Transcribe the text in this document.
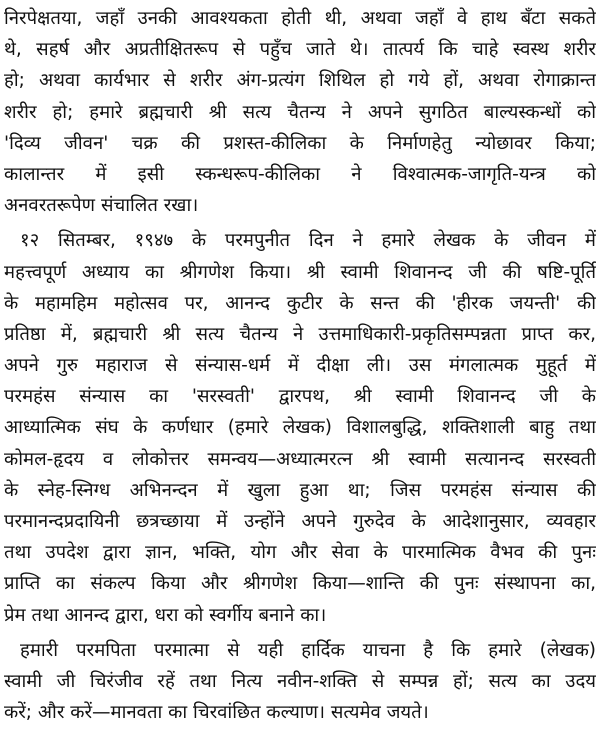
निरपेक्षतया, जहाँ उनकी आवश्यकता होती थी, अथवा जहाँ वे हाथ बँटा सकते
थे, सहर्ष और अप्रतीक्षितरूप से पहुँच जाते थे। तात्पर्य कि चाहे स्वस्थ शरीर
हो; अथवा कार्यभार से शरीर अंग-प्रत्यंग शिथिल हो गये हों, अथवा रोगाक्रान्त
शरीर हो; हमारे ब्रह्मचारी श्री सत्य चैतन्य ने अपने सुगठित बाल्यस्कन्धों को
'दिव्य जीवन' चक्र की प्रशस्त-कीलिका के निर्माणहेतु न्योछावर किया;
कालान्तर में इसी स्कन्धरूप-कीलिका ने विश्वात्मक-जागृति-यन्त्र को
अनवरतरूपेण संचालित रखा।
१२ सितम्बर, १९४७ के परमपुनीत दिन ने हमारे लेखक के जीवन में
महत्त्वपूर्ण अध्याय का श्रीगणेश किया। श्री स्वामी शिवानन्द जी की षष्टि-पूर्ति
के महामहिम महोत्सव पर, आनन्द कुटीर के सन्त की 'हीरक जयन्ती' की
प्रतिष्ठा में, ब्रह्मचारी श्री सत्य चैतन्य ने उत्तमाधिकारी-प्रकृतिसम्पन्नता प्राप्त कर,
अपने गुरु महाराज से संन्यास-धर्म में दीक्षा ली। उस मंगलात्मक मुहूर्त में
परमहंस संन्यास का 'सरस्वती' द्वारपथ, श्री स्वामी शिवानन्द जी के
आध्यात्मिक संघ के कर्णधार (हमारे लेखक) विशालबुद्धि, शक्तिशाली बाहु तथा
कोमल-हृदय व लोकोत्तर समन्वय—अध्यात्मरत्न श्री स्वामी सत्यानन्द सरस्वती
के स्नेह-स्निग्ध अभिनन्दन में खुला हुआ था; जिस परमहंस संन्यास की
परमानन्दप्रदायिनी छत्रच्छाया में उन्होंने अपने गुरुदेव के आदेशानुसार, व्यवहार
तथा उपदेश द्वारा ज्ञान, भक्ति, योग और सेवा के पारमात्मिक वैभव की पुनः
प्राप्ति का संकल्प किया और श्रीगणेश किया—शान्ति की पुनः संस्थापना का,
प्रेम तथा आनन्द द्वारा, धरा को स्वर्गीय बनाने का।
हमारी परमपिता परमात्मा से यही हार्दिक याचना है कि हमारे (लेखक)
स्वामी जी चिरंजीव रहें तथा नित्य नवीन-शक्ति से सम्पन्न हों; सत्य का उदय
करें; और करें—मानवता का चिरवांछित कल्याण। सत्यमेव जयते।
